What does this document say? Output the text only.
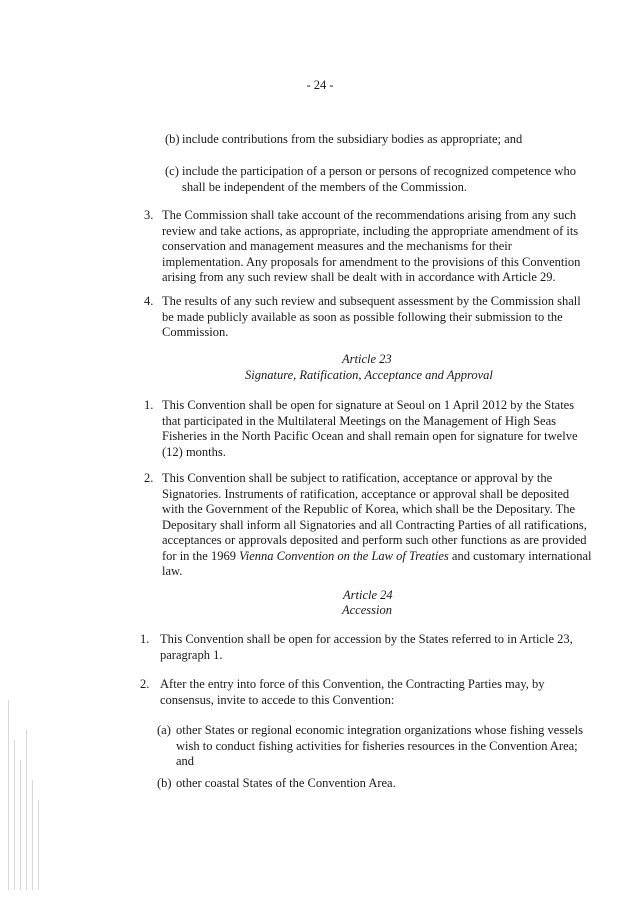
- 24 -
(b) include contributions from the subsidiary bodies as appropriate; and
(c) include the participation of a person or persons of recognized competence who
shall be independent of the members of the Commission.
3. The Commission shall take account of the recommendations arising from any such
review and take actions, as appropriate, including the appropriate amendment of its
conservation and management measures and the mechanisms for their
implementation. Any proposals for amendment to the provisions of this Convention
arising from any such review shall be dealt with in accordance with Article 29.
4. The results of any such review and subsequent assessment by the Commission shall
be made publicly available as soon as possible following their submission to the
Commission.
Article 23
Signature, Ratification, Acceptance and Approval
1. This Convention shall be open for signature at Seoul on 1 April 2012 by the States
that participated in the Multilateral Meetings on the Management of High Seas
Fisheries in the North Pacific Ocean and shall remain open for signature for twelve
(12) months.
2. This Convention shall be subject to ratification, acceptance or approval by the
Signatories. Instruments of ratification, acceptance or approval shall be deposited
with the Government of the Republic of Korea, which shall be the Depositary. The
Depositary shall inform all Signatories and all Contracting Parties of all ratifications,
acceptances or approvals deposited and perform such other functions as are provided
for in the 1969 Vienna Convention on the Law of Treaties and customary international
law.
Article 24
Accession
1. This Convention shall be open for accession by the States referred to in Article 23,
paragraph 1.
2. After the entry into force of this Convention, the Contracting Parties may, by
consensus, invite to accede to this Convention:
(a) other States or regional economic integration organizations whose fishing vessels
wish to conduct fishing activities for fisheries resources in the Convention Area;
and
(b) other coastal States of the Convention Area.
